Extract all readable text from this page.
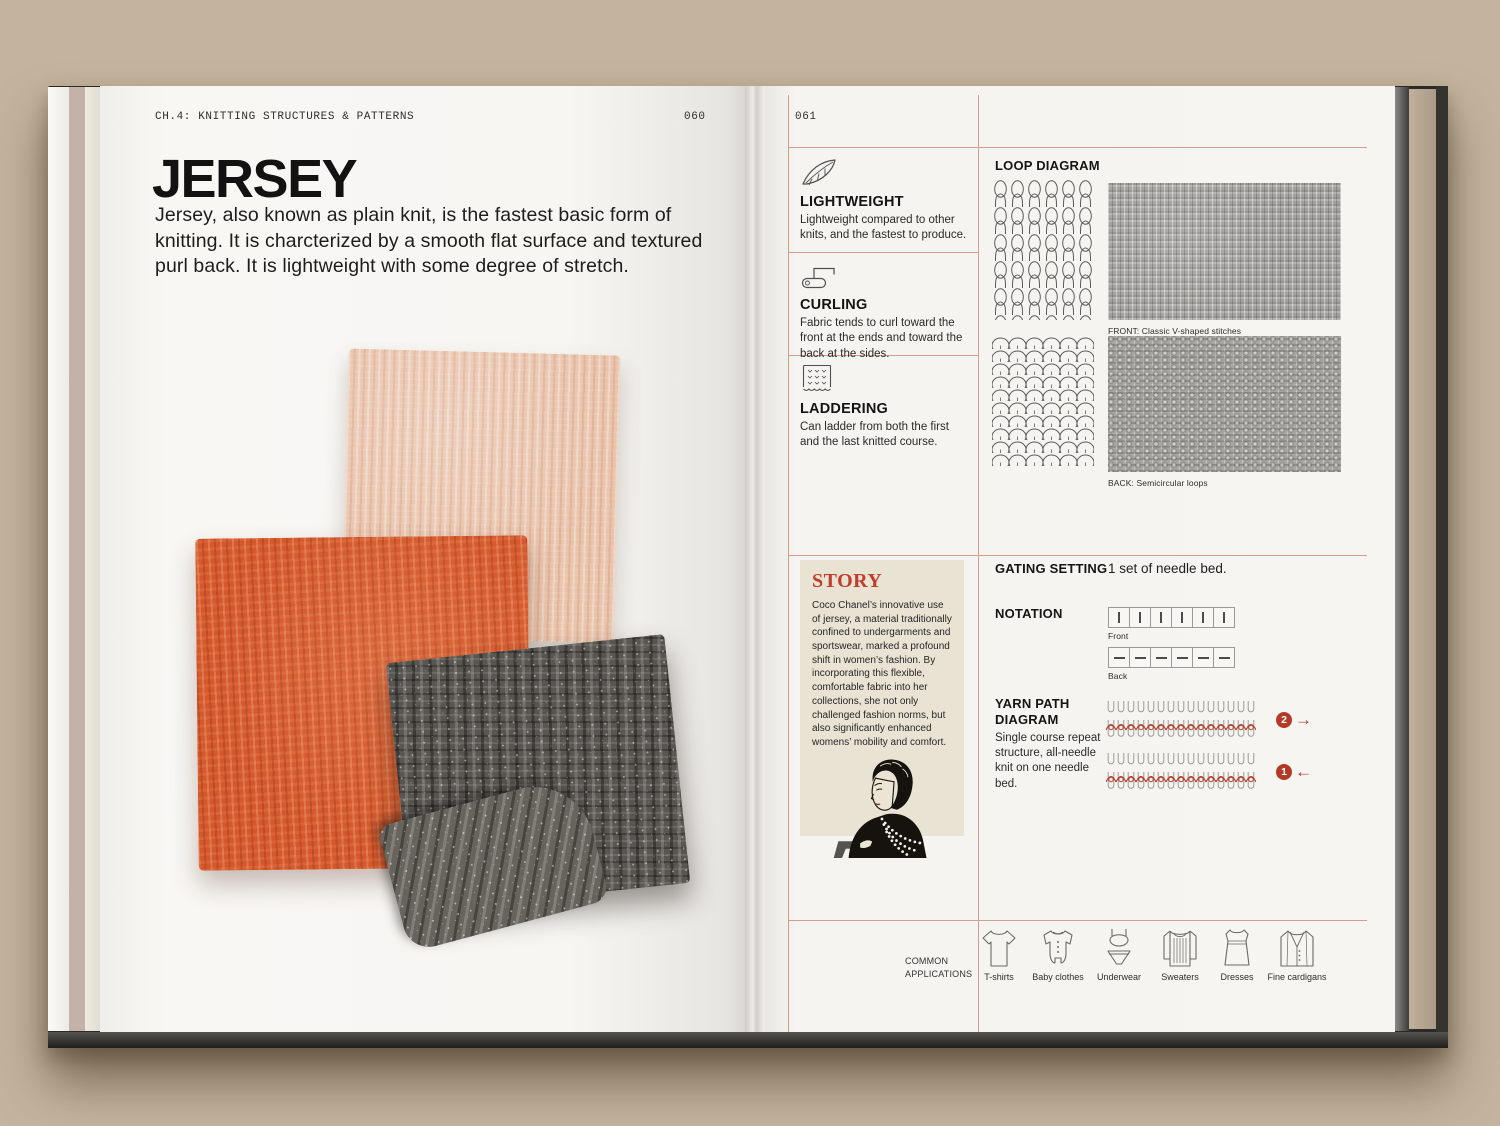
CH.4: KNITTING STRUCTURES & PATTERNS	060
JERSEY
Jersey, also known as plain knit, is the fastest basic form of knitting. It is charcterized by a smooth flat surface and textured purl back. It is lightweight with some degree of stretch.
061
LIGHTWEIGHT

Lightweight compared to other knits, and the fastest to produce.

CURLING

Fabric tends to curl toward the front at the ends and toward the back at the sides.

LADDERING

Can ladder from both the first and the last knitted course.

LOOP DIAGRAM
FRONT: Classic V-shaped stitches
BACK: Semicircular loops
STORY

Coco Chanel’s innovative use of jersey, a material traditionally confined to undergarments and sportswear, marked a profound shift in women’s fashion. By incorporating this flexible, comfortable fabric into her collections, she not only challenged fashion norms, but also significantly enhanced womens’ mobility and comfort.

GATING SETTING 1 set of needle bed.
NOTATION
Front
Back
YARN PATH DIAGRAM
Single course repeat structure, all-needle knit on one needle bed.
2 →
1 ←
COMMON APPLICATIONS	T-shirts	Baby clothes	Underwear	Sweaters	Dresses	Fine cardigans
